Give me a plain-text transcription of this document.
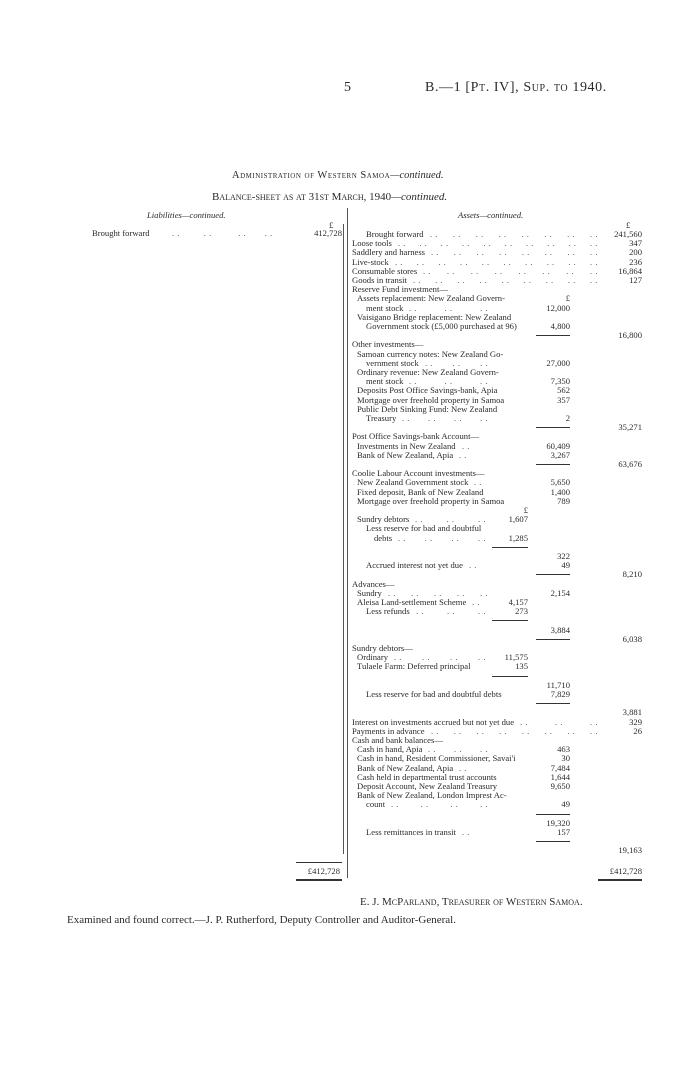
5	B.—1 [Pt. IV], Sup. to 1940.
Administration of Western Samoa—continued.
Balance-sheet as at 31st March, 1940—continued.
Liabilities—continued.	Assets—continued.
£
Brought forward	. .         . .          . .       . .	412,728
£412,728
£
Brought forward	241,560
. . . . . . . . . . . . . . . .
Loose tools	347
. . . . . . . . . . . . . . . . . . . .
Saddlery and harness	200
. . . . . . . . . . . . . . . .
Live-stock	236
. . . . . . . . . . . . . . . . . . . .
Consumable stores	16,864
. . . . . . . . . . . . . . . .
Goods in transit	127
. . . . . . . . . . . . . . . . . .
Reserve Fund investment—
Assets replacement: New Zealand Govern-	£
ment stock	12,000
. .	. .	. .
Vaisigano Bridge replacement: New Zealand
Government stock (£5,000 purchased at 96)	4,800
16,800
Other investments—
Samoan currency notes: New Zealand Go-
vernment stock	27,000
. . . . . .
Ordinary revenue: New Zealand Govern-
ment stock	7,350
. .	. .	. .
Deposits Post Office Savings-bank, Apia	562
Mortgage over freehold property in Samoa	357
Public Debt Sinking Fund: New Zealand
Treasury	2
. . . . . . . .
35,271
Post Office Savings-bank Account—
Investments in New Zealand	60,409
. .
Bank of New Zealand, Apia	3,267
. .
63,676
Coolie Labour Account investments—
New Zealand Government stock	5,650
. .
Fixed deposit, Bank of New Zealand	1,400
Mortgage over freehold property in Samoa	789
£
Sundry debtors	1,607
. .	. .	. .
Less reserve for bad and doubtful
debts	1,285
. . . . . . . .
322
Accrued interest not yet due	49
. .
8,210
Advances—
Sundry	2,154
. . . . . . . . . .
Aleisa Land-settlement Scheme	4,157
. .
Less refunds	273
. .	. .	. .
3,884
6,038
Sundry debtors—
Ordinary	11,575
. . . . . . . .
Tulaele Farm: Deferred principal	135
11,710
Less reserve for bad and doubtful debts	7,829
3,881
Interest on investments accrued but not yet due	329
. .	. .	. .
Payments in advance	26
. . . . . . . . . . . . . . . .
Cash and bank balances—
Cash in hand, Apia	463
. . . . . .
Cash in hand, Resident Commissioner, Savai'i	30
Bank of New Zealand, Apia	7,484
. .
Cash held in departmental trust accounts	1,644
Deposit Account, New Zealand Treasury	9,650
Bank of New Zealand, London Imprest Ac-
count	49
. .	. .	. .	. .
19,320
Less remittances in transit	157
. .
19,163
£412,728
E. J. McParland, Treasurer of Western Samoa.
Examined and found correct.—J. P. Rutherford, Deputy Controller and Auditor-General.
